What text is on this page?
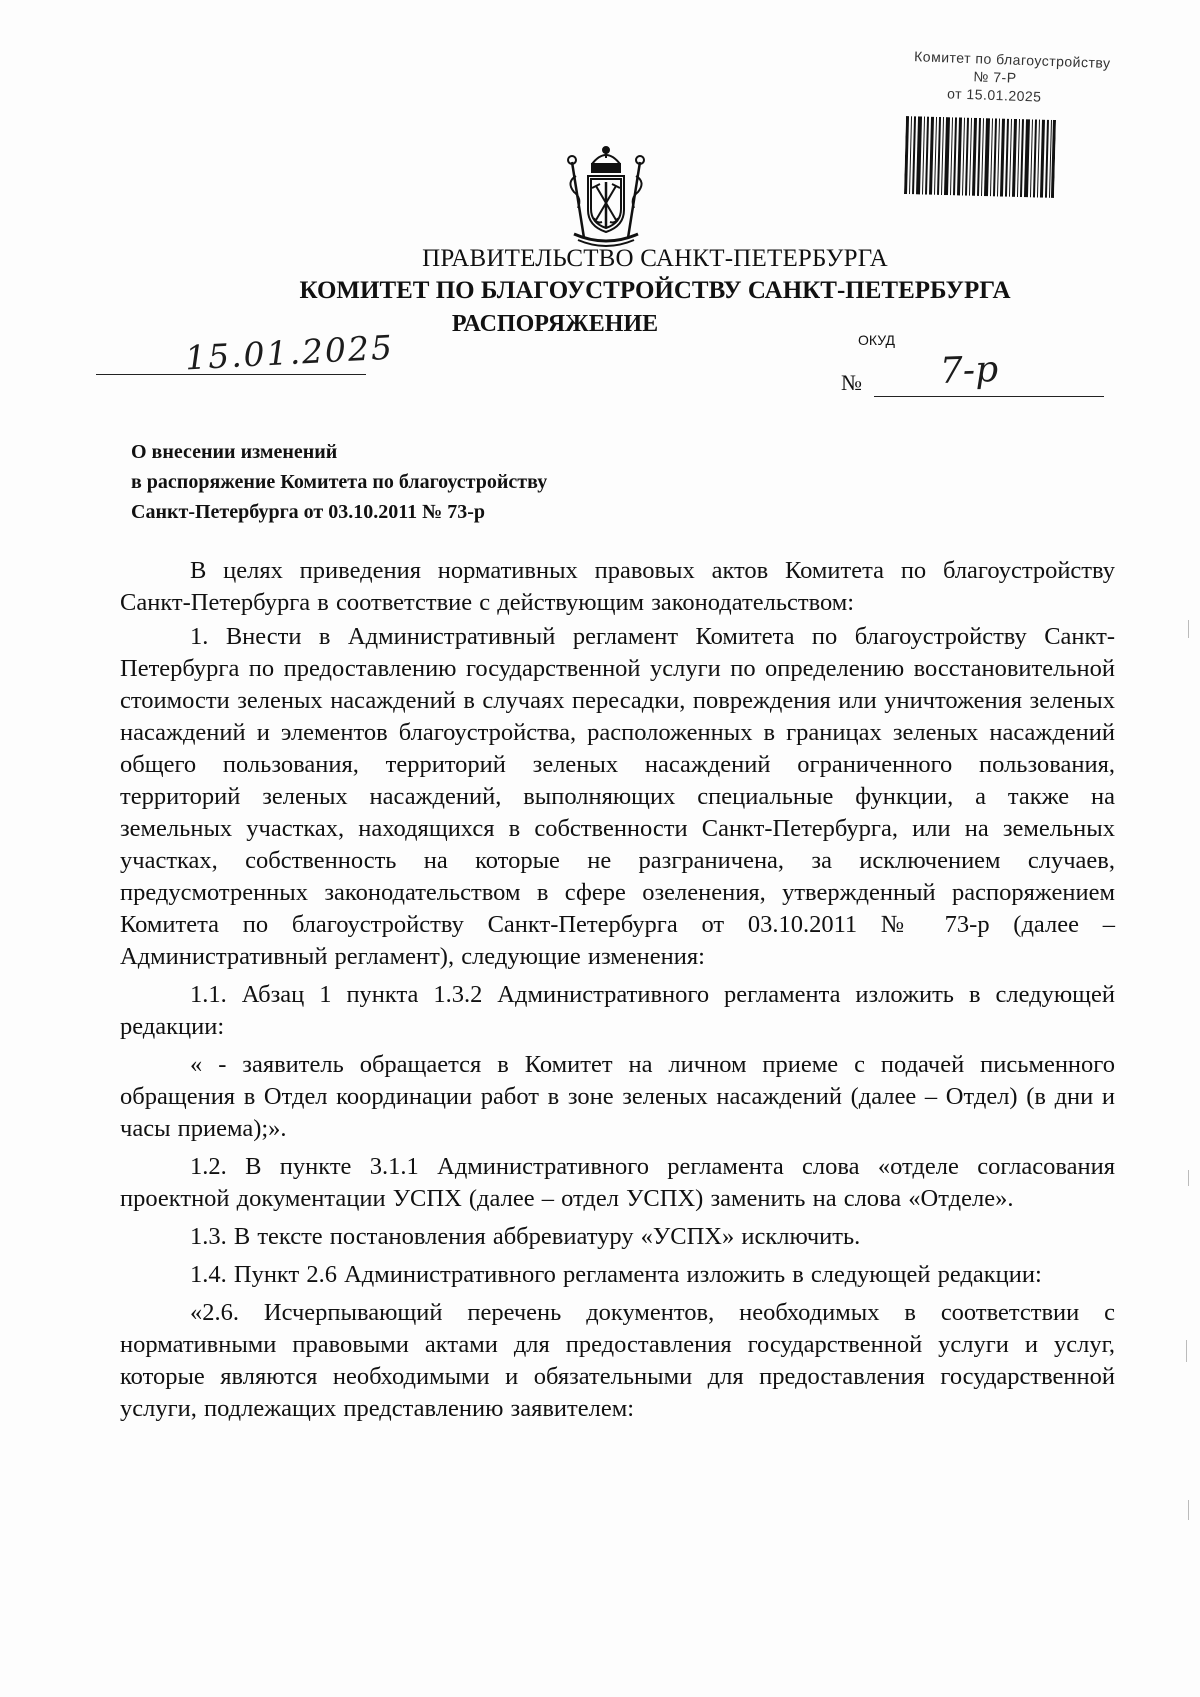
Комитет по благоустройству
№ 7-Р
от 15.01.2025
ПРАВИТЕЛЬСТВО САНКТ-ПЕТЕРБУРГА
КОМИТЕТ ПО БЛАГОУСТРОЙСТВУ САНКТ-ПЕТЕРБУРГА
РАСПОРЯЖЕНИЕ
ОКУД
15.01.2025
№ 7-р
О внесении изменений
в распоряжение Комитета по благоустройству
Санкт-Петербурга от 03.10.2011 № 73-р

В целях приведения нормативных правовых актов Комитета по благоустройству Санкт-Петербурга в соответствие с действующим законодательством:

1. Внести в Административный регламент Комитета по благоустройству Санкт-Петербурга по предоставлению государственной услуги по определению восстановительной стоимости зеленых насаждений в случаях пересадки, повреждения или уничтожения зеленых насаждений и элементов благоустройства, расположенных в границах зеленых насаждений общего пользования, территорий зеленых насаждений ограниченного пользования, территорий зеленых насаждений, выполняющих специальные функции, а также на земельных участках, находящихся в собственности Санкт-Петербурга, или на земельных участках, собственность на которые не разграничена, за исключением случаев, предусмотренных законодательством в сфере озеленения, утвержденный распоряжением Комитета по благоустройству Санкт-Петербурга от 03.10.2011 № 73-р (далее – Административный регламент), следующие изменения:

1.1. Абзац 1 пункта 1.3.2 Административного регламента изложить в следующей редакции:

« - заявитель обращается в Комитет на личном приеме с подачей письменного обращения в Отдел координации работ в зоне зеленых насаждений (далее – Отдел) (в дни и часы приема);».

1.2. В пункте 3.1.1 Административного регламента слова «отделе согласования проектной документации УСПХ (далее – отдел УСПХ) заменить на слова «Отделе».

1.3. В тексте постановления аббревиатуру «УСПХ» исключить.

1.4. Пункт 2.6 Административного регламента изложить в следующей редакции:

«2.6. Исчерпывающий перечень документов, необходимых в соответствии с нормативными правовыми актами для предоставления государственной услуги и услуг, которые являются необходимыми и обязательными для предоставления государственной услуги, подлежащих представлению заявителем:
